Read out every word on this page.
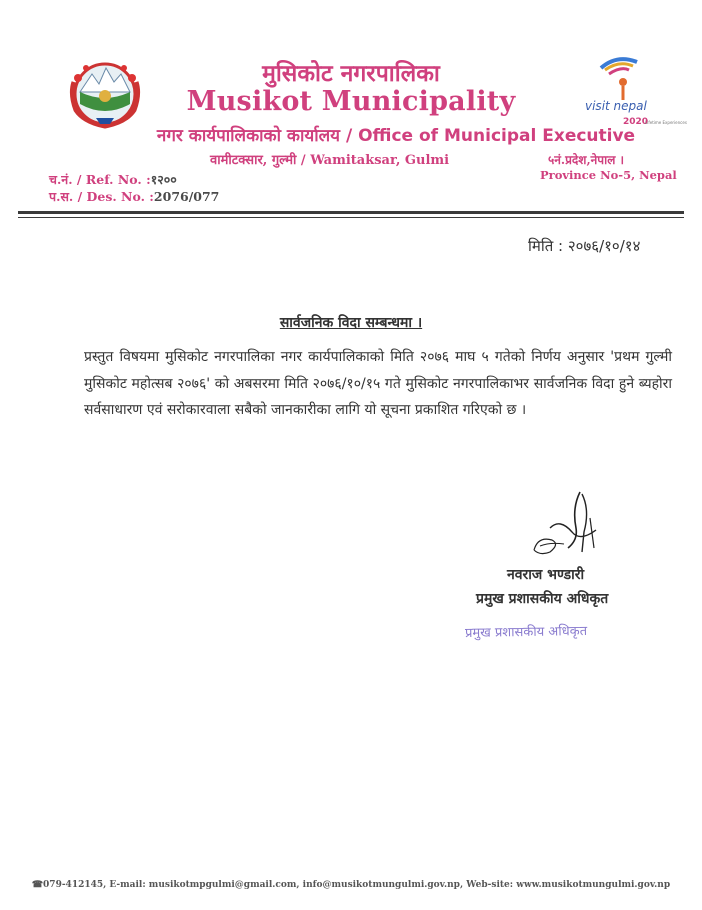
visit nepal
2020
Lifetime Experiences
मुसिकोट नगरपालिका
Musikot Municipality
नगर कार्यपालिकाको कार्यालय / Office of Municipal Executive
वामीटक्सार, गुल्मी / Wamitaksar, Gulmi	५नं.प्रदेश,नेपाल ।
Province No-5, Nepal
च.नं. / Ref. No. :१२००
प.स. / Des. No. :2076/077
मिति : २०७६/१०/१४
सार्वजनिक विदा सम्बन्धमा ।
प्रस्तुत विषयमा मुसिकोट नगरपालिका नगर कार्यपालिकाको मिति २०७६ माघ ५ गतेको निर्णय अनुसार 'प्रथम गुल्मी मुसिकोट महोत्सब २०७६' को अबसरमा मिति २०७६/१०/१५ गते मुसिकोट नगरपालिकाभर सार्वजनिक विदा हुने ब्यहोरा सर्वसाधारण एवं सरोकारवाला सबैको जानकारीका लागि यो सूचना प्रकाशित गरिएको छ ।
नवराज भण्डारी
प्रमुख प्रशासकीय अधिकृत
प्रमुख प्रशासकीय अधिकृत
☎079-412145, E-mail: musikotmpgulmi@gmail.com, info@musikotmungulmi.gov.np, Web-site: www.musikotmungulmi.gov.np
